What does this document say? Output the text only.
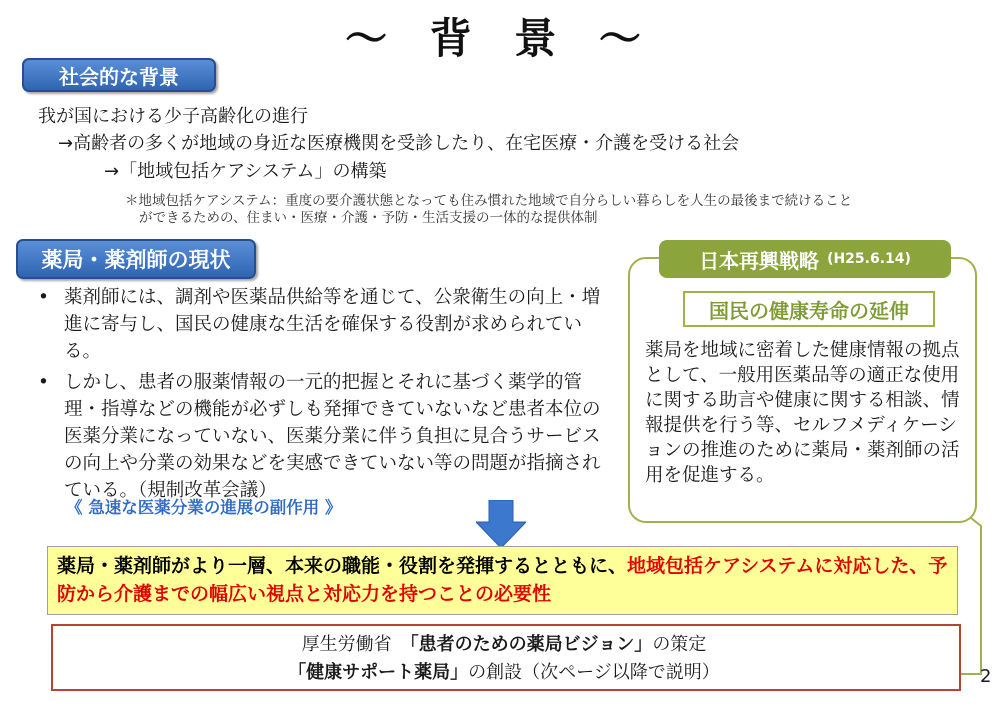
～ 背 景 ～
社会的な背景
我が国における少子高齢化の進行
→高齢者の多くが地域の身近な医療機関を受診したり、在宅医療・介護を受ける社会
→「地域包括ケアシステム」の構築
＊地域包括ケアシステム：重度の要介護状態となっても住み慣れた地域で自分らしい暮らしを人生の最後まで続けること
ができるための、住まい・医療・介護・予防・生活支援の一体的な提供体制
薬局・薬剤師の現状
• 薬剤師には、調剤や医薬品供給等を通じて、公衆衛生の向上・増進に寄与し、国民の健康な生活を確保する役割が求められている。
• しかし、患者の服薬情報の一元的把握とそれに基づく薬学的管理・指導などの機能が必ずしも発揮できていないなど患者本位の医薬分業になっていない、医薬分業に伴う負担に見合うサービスの向上や分業の効果などを実感できていない等の問題が指摘されている。（規制改革会議）
《 急速な医薬分業の進展の副作用 》
日本再興戦略 (H25.6.14)
国民の健康寿命の延伸
薬局を地域に密着した健康情報の拠点として、一般用医薬品等の適正な使用に関する助言や健康に関する相談、情報提供を行う等、セルフメディケーションの推進のために薬局・薬剤師の活用を促進する。
薬局・薬剤師がより一層、本来の職能・役割を発揮するとともに、地域包括ケアシステムに対応した、予防から介護までの幅広い視点と対応力を持つことの必要性
厚生労働省　「患者のための薬局ビジョン」の策定
「健康サポート薬局」の創設（次ページ以降で説明）	2
